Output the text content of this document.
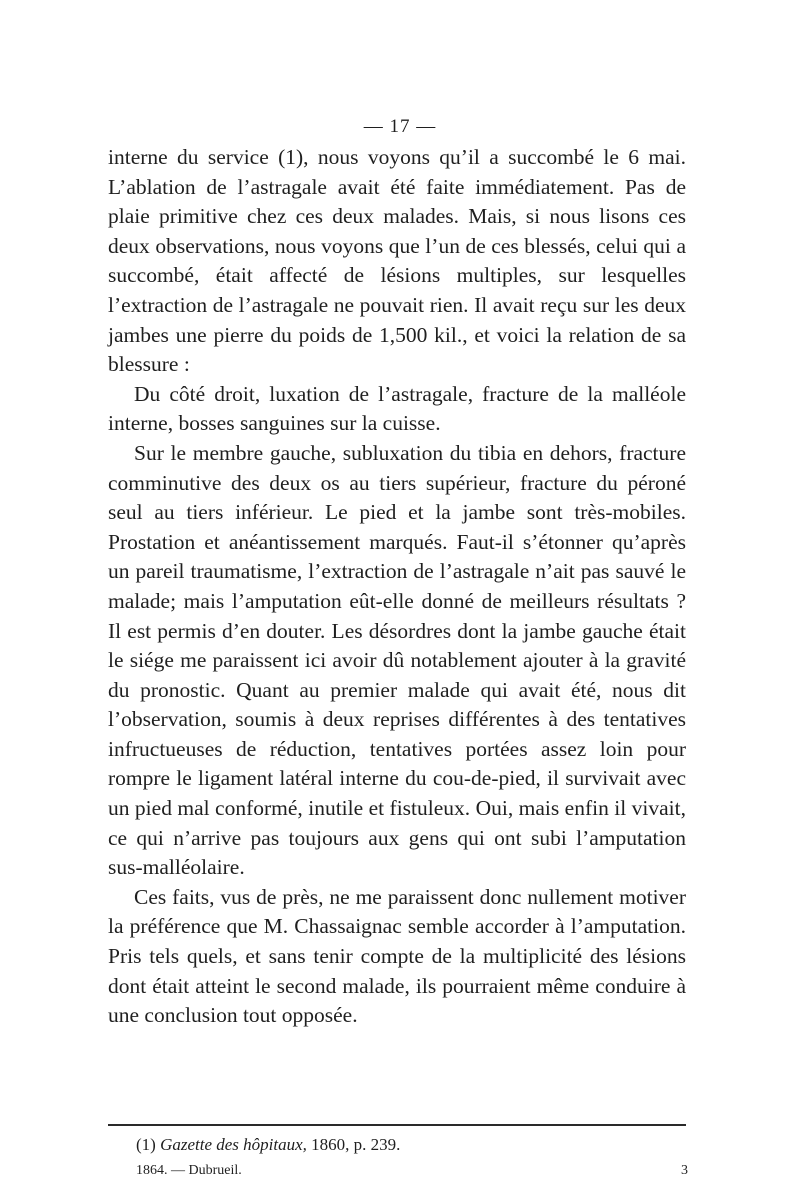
— 17 —

interne du service (1), nous voyons qu’il a succombé le 6 mai. L’ablation de l’astragale avait été faite immédiatement. Pas de plaie primitive chez ces deux malades. Mais, si nous lisons ces deux observations, nous voyons que l’un de ces blessés, celui qui a succombé, était affecté de lésions multiples, sur lesquelles l’extraction de l’astragale ne pouvait rien. Il avait reçu sur les deux jambes une pierre du poids de 1,500 kil., et voici la relation de sa blessure :

Du côté droit, luxation de l’astragale, fracture de la malléole interne, bosses sanguines sur la cuisse.

Sur le membre gauche, subluxation du tibia en dehors, fracture comminutive des deux os au tiers supérieur, fracture du péroné seul au tiers inférieur. Le pied et la jambe sont très-mobiles. Prostation et anéantissement marqués. Faut-il s’étonner qu’après un pareil traumatisme, l’extraction de l’astragale n’ait pas sauvé le malade; mais l’amputation eût-elle donné de meilleurs résultats ? Il est permis d’en douter. Les désordres dont la jambe gauche était le siége me paraissent ici avoir dû notablement ajouter à la gravité du pronostic. Quant au premier malade qui avait été, nous dit l’observation, soumis à deux reprises différentes à des tentatives infructueuses de réduction, tentatives portées assez loin pour rompre le ligament latéral interne du cou-de-pied, il survivait avec un pied mal conformé, inutile et fistuleux. Oui, mais enfin il vivait, ce qui n’arrive pas toujours aux gens qui ont subi l’amputation sus-malléolaire.

Ces faits, vus de près, ne me paraissent donc nullement motiver la préférence que M. Chassaignac semble accorder à l’amputation. Pris tels quels, et sans tenir compte de la multiplicité des lésions dont était atteint le second malade, ils pourraient même conduire à une conclusion tout opposée.

(1) Gazette des hôpitaux, 1860, p. 239.
1864. — Dubrueil.	3
